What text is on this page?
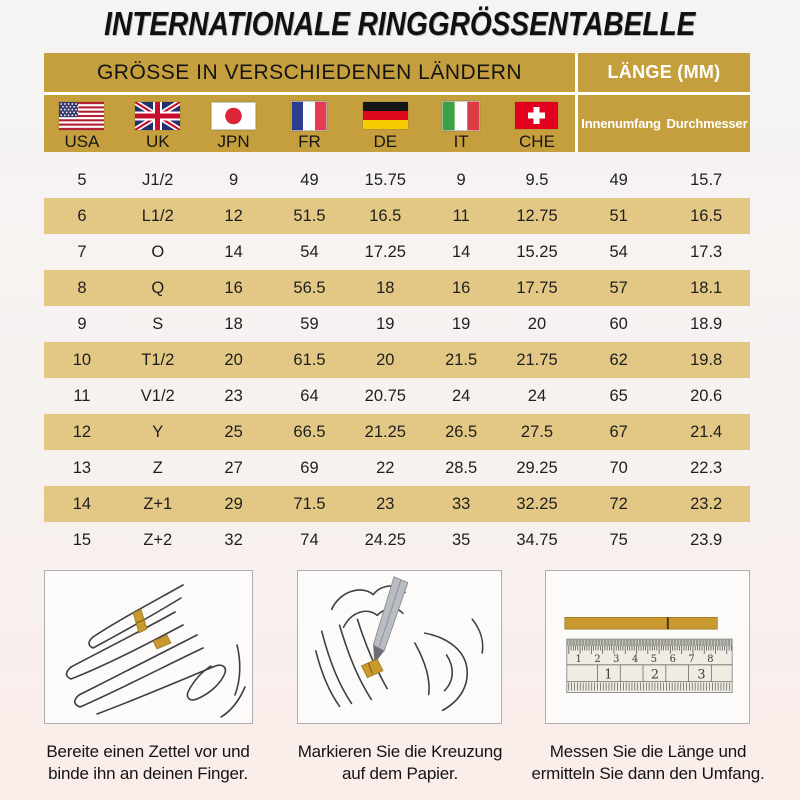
INTERNATIONALE RINGGRÖSSENTABELLE
GRÖSSE IN VERSCHIEDENEN LÄNDERN	LÄNGE (MM)
USA	UK	JPN	FR	DE	IT	CHE
Innenumfang Durchmesser
5	J1/2	9	49	15.75	9	9.5	49	15.7
6	L1/2	12	51.5	16.5	11	12.75	51	16.5
7	O	14	54	17.25	14	15.25	54	17.3
8	Q	16	56.5	18	16	17.75	57	18.1
9	S	18	59	19	19	20	60	18.9
10	T1/2	20	61.5	20	21.5	21.75	62	19.8
11	V1/2	23	64	20.75	24	24	65	20.6
12	Y	25	66.5	21.25	26.5	27.5	67	21.4
13	Z	27	69	22	28.5	29.25	70	22.3
14	Z+1	29	71.5	23	33	32.25	72	23.2
15	Z+2	32	74	24.25	35	34.75	75	23.9
1 2 3 4 5 6 7 8
1	2	3
Bereite einen Zettel vor und
binde ihn an deinen Finger.
Markieren Sie die Kreuzung
auf dem Papier.
Messen Sie die Länge und
ermitteln Sie dann den Umfang.
